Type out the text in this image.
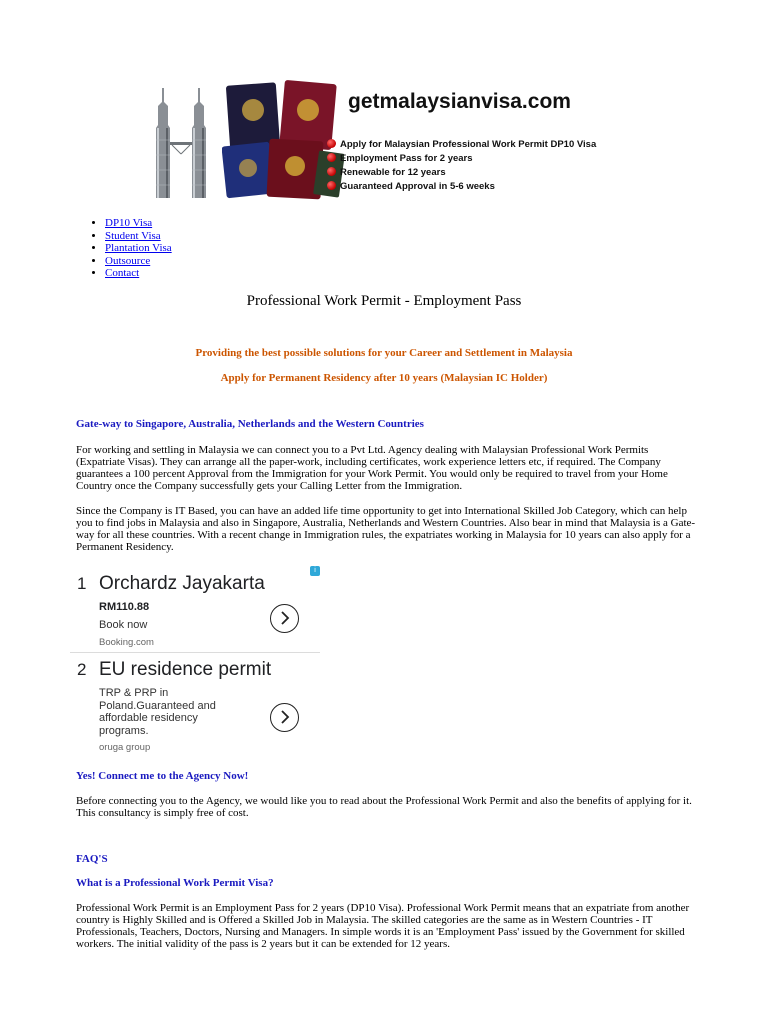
getmalaysianvisa.com
Apply for Malaysian Professional Work Permit DP10 Visa
Employment Pass for 2 years
Renewable for 12 years
Guaranteed Approval in 5-6 weeks
• DP10 Visa
• Student Visa
• Plantation Visa
• Outsource
• Contact
Professional Work Permit - Employment Pass
Providing the best possible solutions for your Career and Settlement in Malaysia
Apply for Permanent Residency after 10 years (Malaysian IC Holder)
Gate-way to Singapore, Australia, Netherlands and the Western Countries

For working and settling in Malaysia we can connect you to a Pvt Ltd. Agency dealing with Malaysian Professional Work Permits (Expatriate Visas). They can arrange all the paper-work, including certificates, work experience letters etc, if required. The Company guarantees a 100 percent Approval from the Immigration for your Work Permit. You would only be required to travel from your Home Country once the Company successfully gets your Calling Letter from the Immigration.

Since the Company is IT Based, you can have an added life time opportunity to get into International Skilled Job Category, which can help you to find jobs in Malaysia and also in Singapore, Australia, Netherlands and Western Countries. Also bear in mind that Malaysia is a Gate-way for all these countries. With a recent change in Immigration rules, the expatriates working in Malaysia for 10 years can also apply for a Permanent Residency.

i
1 Orchardz Jayakarta
RM110.88
Book now
Booking.com
2 EU residence permit
TRP & PRP in
Poland.Guaranteed and
affordable residency
programs.
oruga group
Yes! Connect me to the Agency Now!

Before connecting you to the Agency, we would like you to read about the Professional Work Permit and also the benefits of applying for it. This consultancy is simply free of cost.

FAQ'S
What is a Professional Work Permit Visa?

Professional Work Permit is an Employment Pass for 2 years (DP10 Visa). Professional Work Permit means that an expatriate from another country is Highly Skilled and is Offered a Skilled Job in Malaysia. The skilled categories are the same as in Western Countries - IT Professionals, Teachers, Doctors, Nursing and Managers. In simple words it is an 'Employment Pass' issued by the Government for skilled workers. The initial validity of the pass is 2 years but it can be extended for 12 years.
